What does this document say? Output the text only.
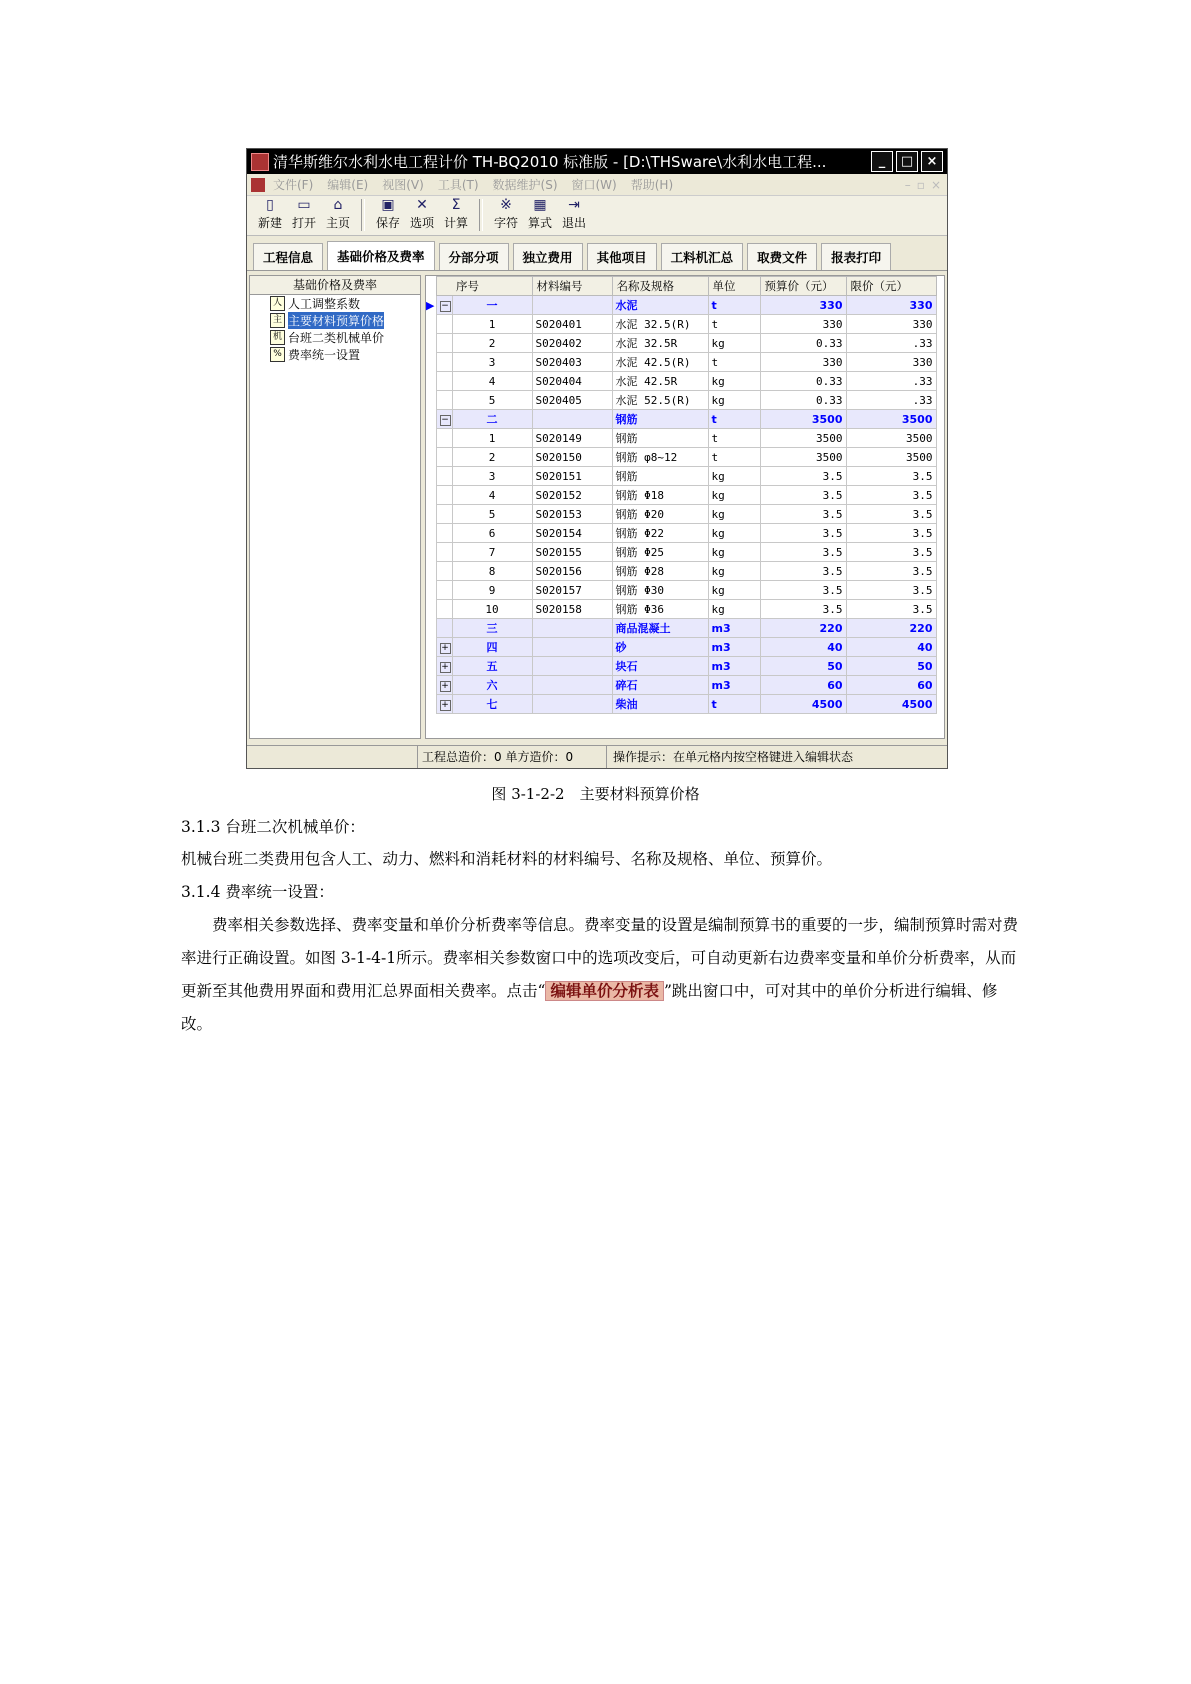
清华斯维尔水利水电工程计价 TH-BQ2010 标准版 - [D:\THSware\水利水电工程...	_	□	×
文件(F) 编辑(E) 视图(V) 工具(T) 数据维护(S) 窗口(W) 帮助(H)	– ▫ ×
▯
新建
▭
打开
⌂
主页
▣
保存
✕
选项
Σ
计算
※
字符
▦
算式
⇥
退出
工程信息	基础价格及费率	分部分项	独立费用	其他项目	工料机汇总	取费文件	报表打印
基础价格及费率
人 人工调整系数
主 主要材料预算价格
机 台班二类机械单价
% 费率统一设置
		序号	材料编号	名称及规格	单位	预算价（元）	限价（元）
▶	−	一		水泥	t	330	330
		1	S020401	水泥 32.5(R)	t	330	330
		2	S020402	水泥 32.5R	kg	0.33	.33
		3	S020403	水泥 42.5(R)	t	330	330
		4	S020404	水泥 42.5R	kg	0.33	.33
		5	S020405	水泥 52.5(R)	kg	0.33	.33
	−	二		钢筋	t	3500	3500
		1	S020149	钢筋	t	3500	3500
		2	S020150	钢筋 φ8~12	t	3500	3500
		3	S020151	钢筋	kg	3.5	3.5
		4	S020152	钢筋 Φ18	kg	3.5	3.5
		5	S020153	钢筋 Φ20	kg	3.5	3.5
		6	S020154	钢筋 Φ22	kg	3.5	3.5
		7	S020155	钢筋 Φ25	kg	3.5	3.5
		8	S020156	钢筋 Φ28	kg	3.5	3.5
		9	S020157	钢筋 Φ30	kg	3.5	3.5
		10	S020158	钢筋 Φ36	kg	3.5	3.5
		三		商品混凝土	m3	220	220
	+	四		砂	m3	40	40
	+	五		块石	m3	50	50
	+	六		碎石	m3	60	60
	+	七		柴油	t	4500	4500
工程总造价：0 单方造价：0	操作提示：在单元格内按空格键进入编辑状态
图 3-1-2-2　主要材料预算价格
3.1.3 台班二次机械单价：
机械台班二类费用包含人工、动力、燃料和消耗材料的材料编号、名称及规格、单位、预算价。
3.1.4 费率统一设置：
费率相关参数选择、费率变量和单价分析费率等信息。费率变量的设置是编制预算书的重要的一步，编制预算时需对费率进行正确设置。如图 3-1-4-1所示。费率相关参数窗口中的选项改变后，可自动更新右边费率变量和单价分析费率，从而更新至其他费用界面和费用汇总界面相关费率。点击“ 编辑单价分析表 ”跳出窗口中，可对其中的单价分析进行编辑、修改。
